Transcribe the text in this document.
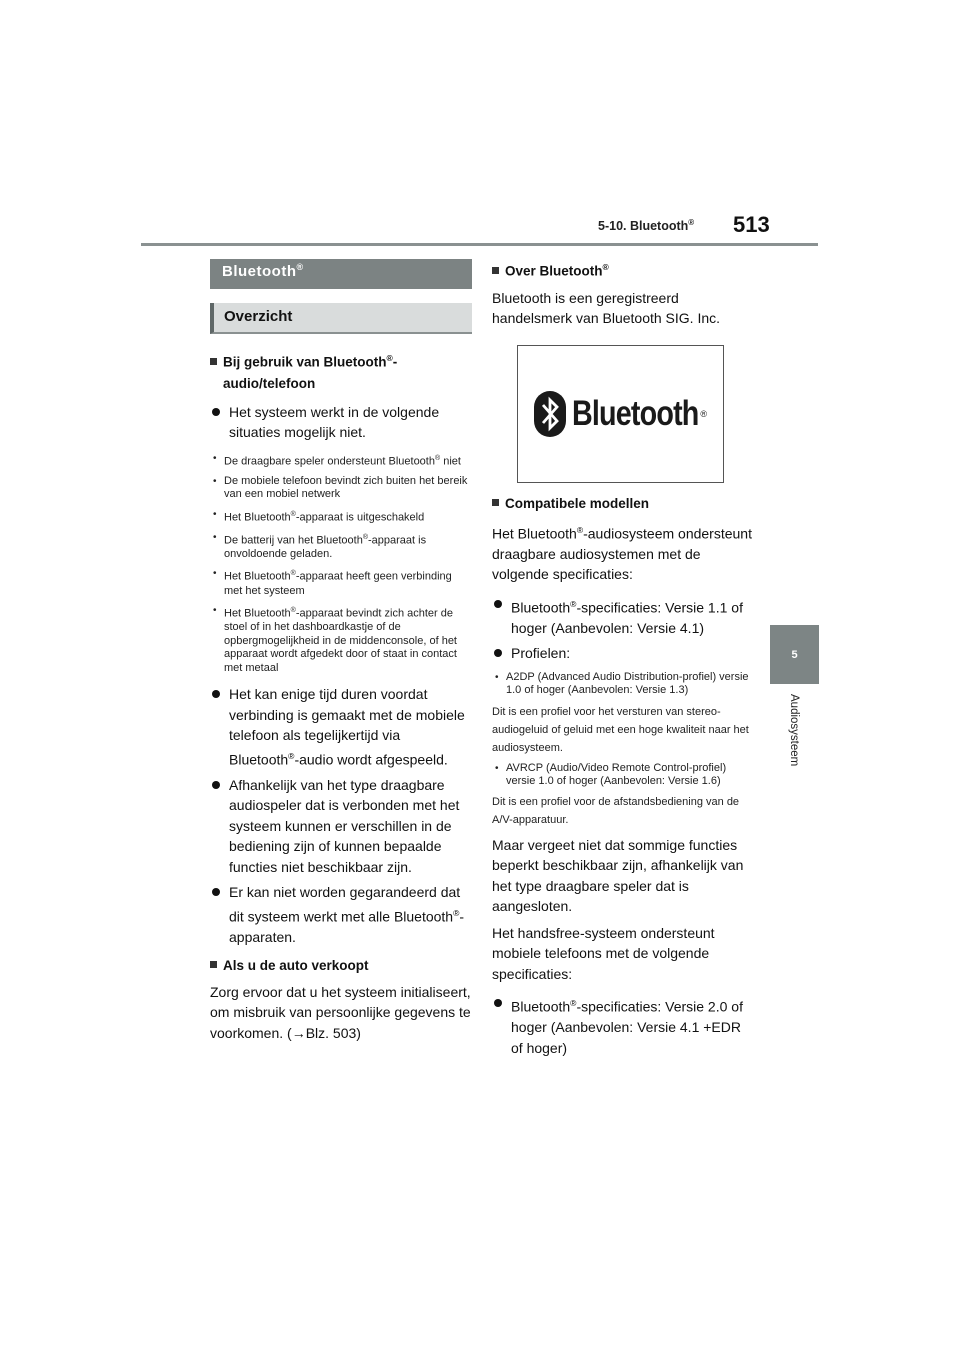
5-10. Bluetooth® 513
5
Audiosysteem
Bluetooth®
Overzicht
Bij gebruik van Bluetooth®-audio/telefoon
Het systeem werkt in de volgende situaties mogelijk niet.
• De draagbare speler ondersteunt Bluetooth® niet
• De mobiele telefoon bevindt zich buiten het bereik van een mobiel netwerk
• Het Bluetooth®-apparaat is uitgeschakeld
• De batterij van het Bluetooth®-apparaat is onvoldoende geladen.
• Het Bluetooth®-apparaat heeft geen verbinding met het systeem
• Het Bluetooth®-apparaat bevindt zich achter de stoel of in het dashboardkastje of de opbergmogelijkheid in de middenconsole, of het apparaat wordt afgedekt door of staat in contact met metaal
Het kan enige tijd duren voordat verbinding is gemaakt met de mobiele telefoon als tegelijkertijd via Bluetooth®-audio wordt afgespeeld.
Afhankelijk van het type draagbare audiospeler dat is verbonden met het systeem kunnen er verschillen in de bediening zijn of kunnen bepaalde functies niet beschikbaar zijn.
Er kan niet worden gegarandeerd dat dit systeem werkt met alle Bluetooth®-apparaten.
Als u de auto verkoopt
Zorg ervoor dat u het systeem initialiseert, om misbruik van persoonlijke gegevens te voorkomen. (→Blz. 503)
Over Bluetooth®
Bluetooth is een geregistreerd handelsmerk van Bluetooth SIG. Inc.
Bluetooth ®
Compatibele modellen
Het Bluetooth®-audiosysteem ondersteunt draagbare audiosystemen met de volgende specificaties:
Bluetooth®-specificaties: Versie 1.1 of hoger (Aanbevolen: Versie 4.1)
Profielen:
• A2DP (Advanced Audio Distribution-profiel) versie 1.0 of hoger (Aanbevolen: Versie 1.3)
Dit is een profiel voor het versturen van stereo-audiogeluid of geluid met een hoge kwaliteit naar het audiosysteem.
• AVRCP (Audio/Video Remote Control-profiel) versie 1.0 of hoger (Aanbevolen: Versie 1.6)
Dit is een profiel voor de afstandsbediening van de A/V-apparatuur.
Maar vergeet niet dat sommige functies beperkt beschikbaar zijn, afhankelijk van het type draagbare speler dat is aangesloten.
Het handsfree-systeem ondersteunt mobiele telefoons met de volgende specificaties:
Bluetooth®-specificaties: Versie 2.0 of hoger (Aanbevolen: Versie 4.1 +EDR of hoger)
